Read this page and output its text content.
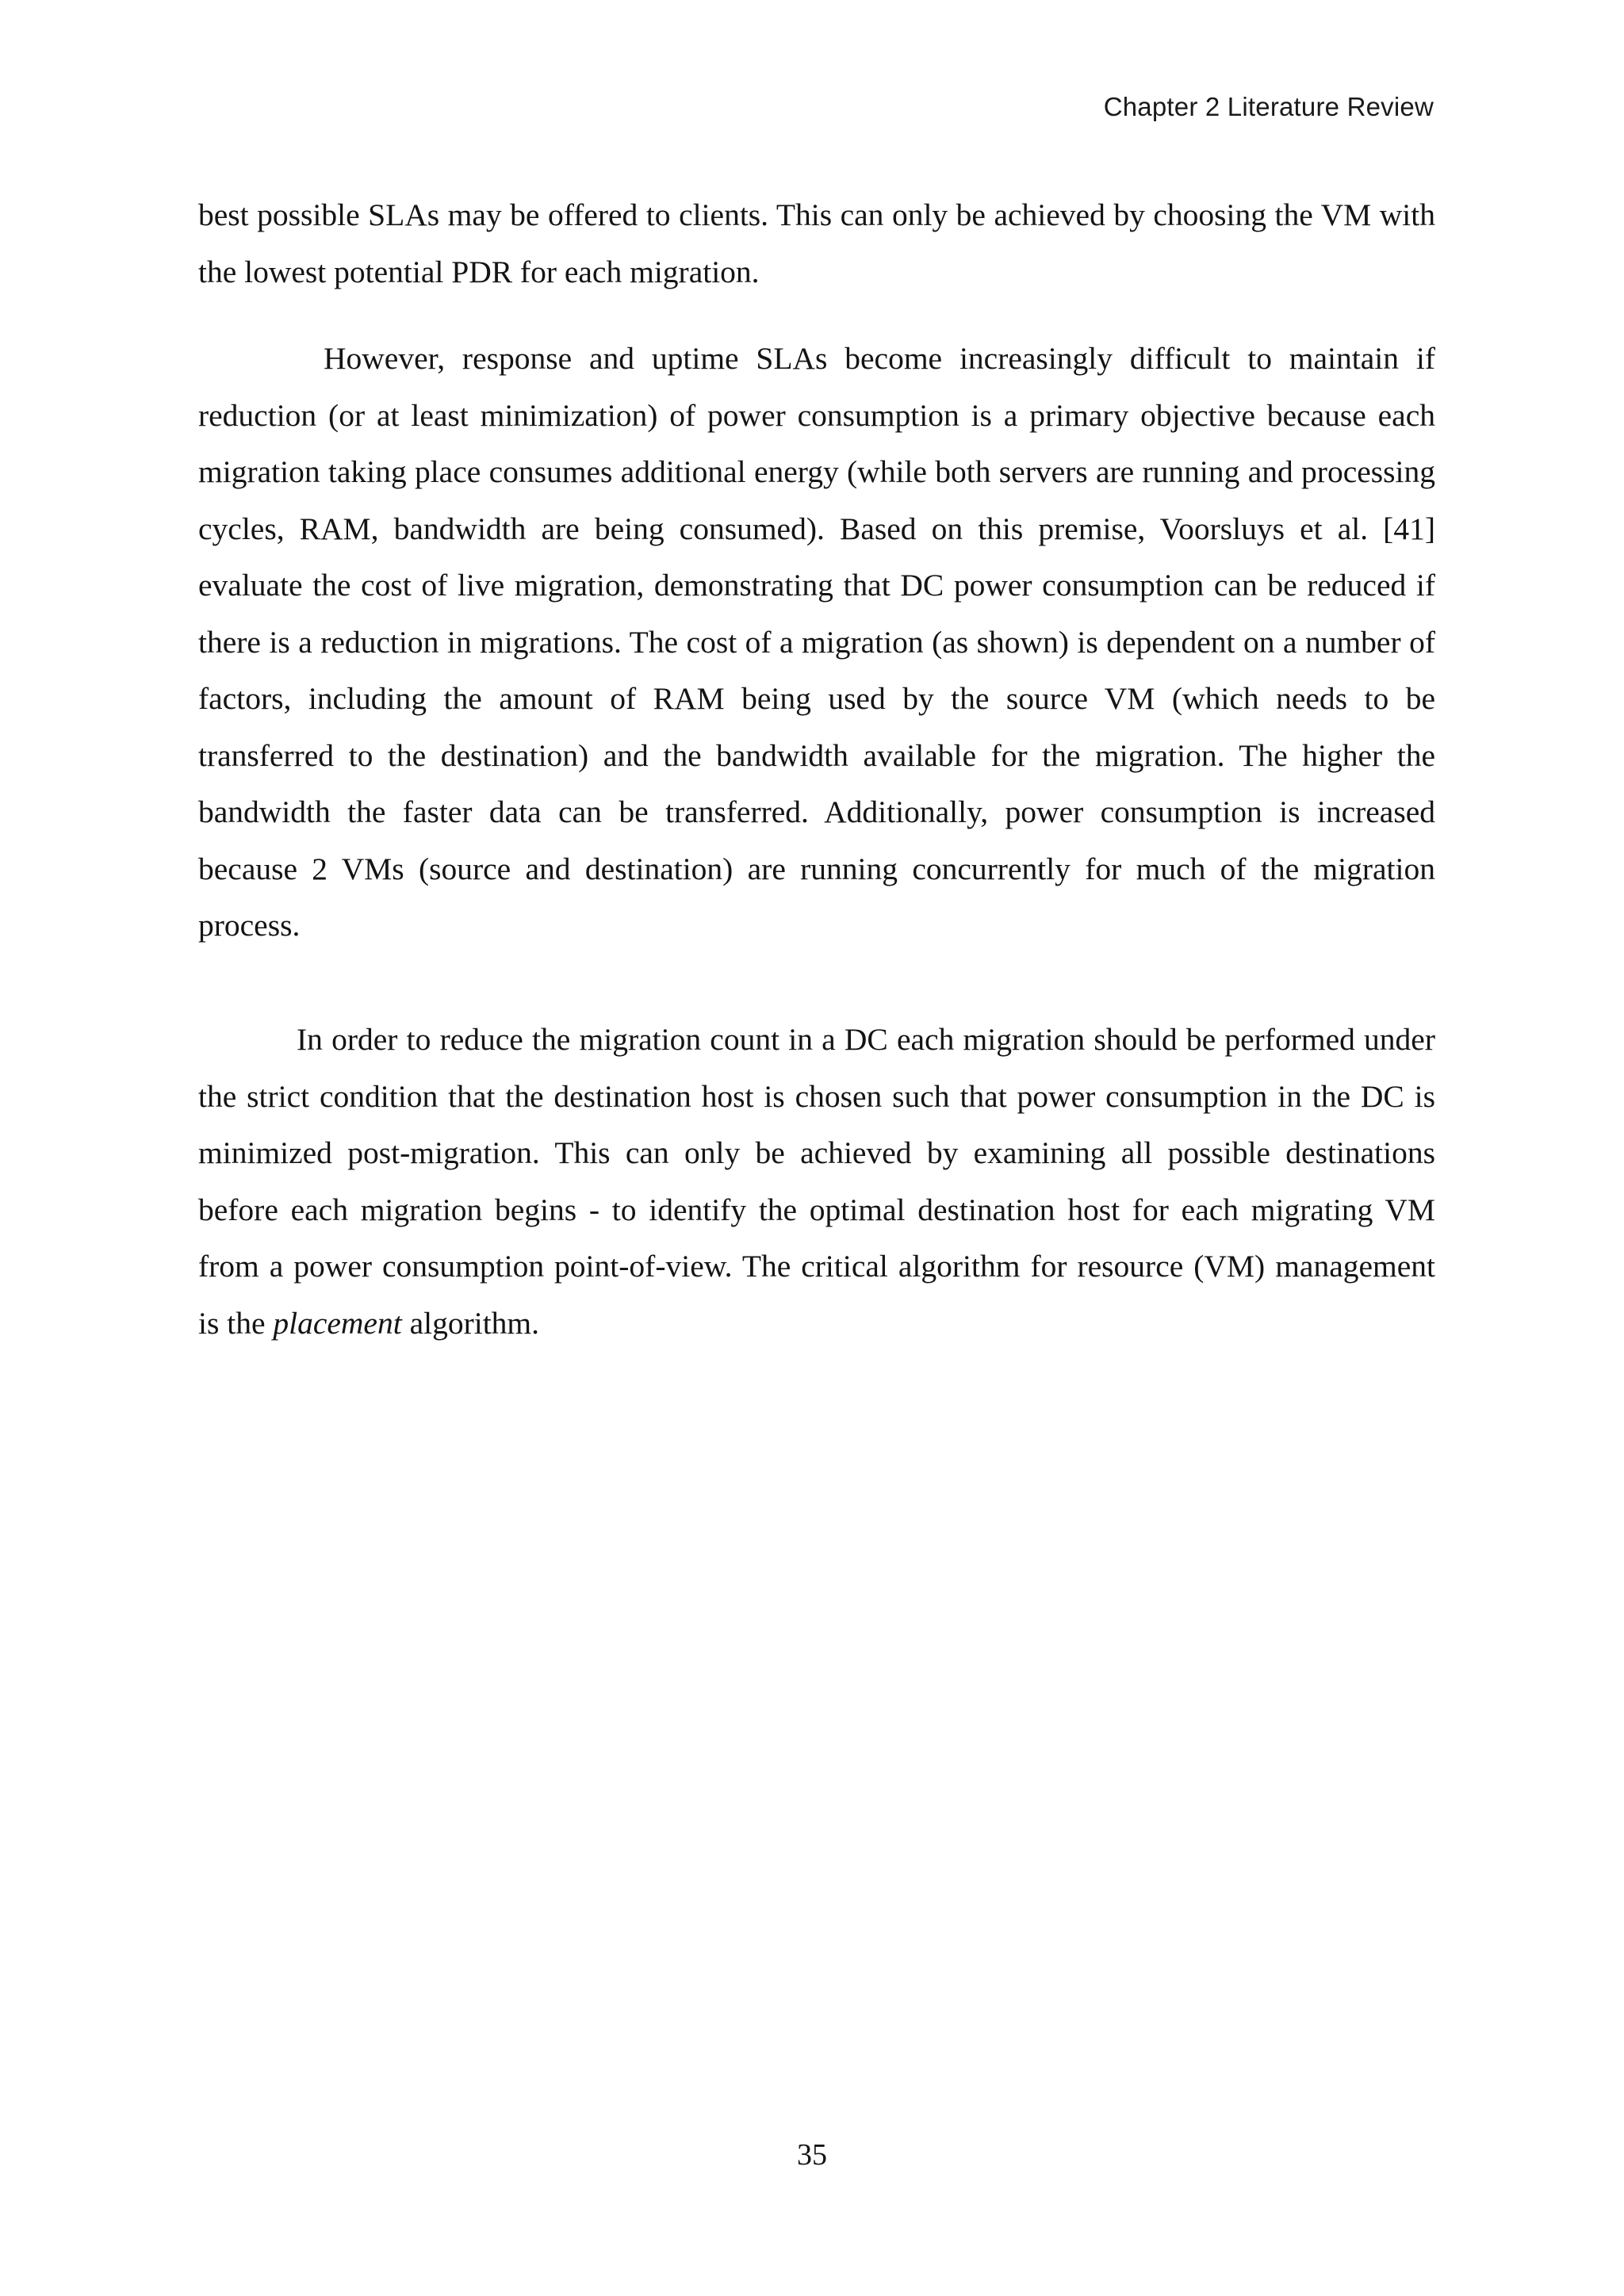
Chapter 2 Literature Review

best possible SLAs may be offered to clients. This can only be achieved by choosing the VM with the lowest potential PDR for each migration.

However, response and uptime SLAs become increasingly difficult to maintain if reduction (or at least minimization) of power consumption is a primary objective because each migration taking place consumes additional energy (while both servers are running and processing cycles, RAM, bandwidth are being consumed). Based on this premise, Voorsluys et al. [41] evaluate the cost of live migration, demonstrating that DC power consumption can be reduced if there is a reduction in migrations. The cost of a migration (as shown) is dependent on a number of factors, including the amount of RAM being used by the source VM (which needs to be transferred to the destination) and the bandwidth available for the migration. The higher the bandwidth the faster data can be transferred. Additionally, power consumption is increased because 2 VMs (source and destination) are running concurrently for much of the migration process.

In order to reduce the migration count in a DC each migration should be performed under the strict condition that the destination host is chosen such that power consumption in the DC is minimized post-migration. This can only be achieved by examining all possible destinations before each migration begins - to identify the optimal destination host for each migrating VM from a power consumption point-of-view. The critical algorithm for resource (VM) management is the placement algorithm.

35
